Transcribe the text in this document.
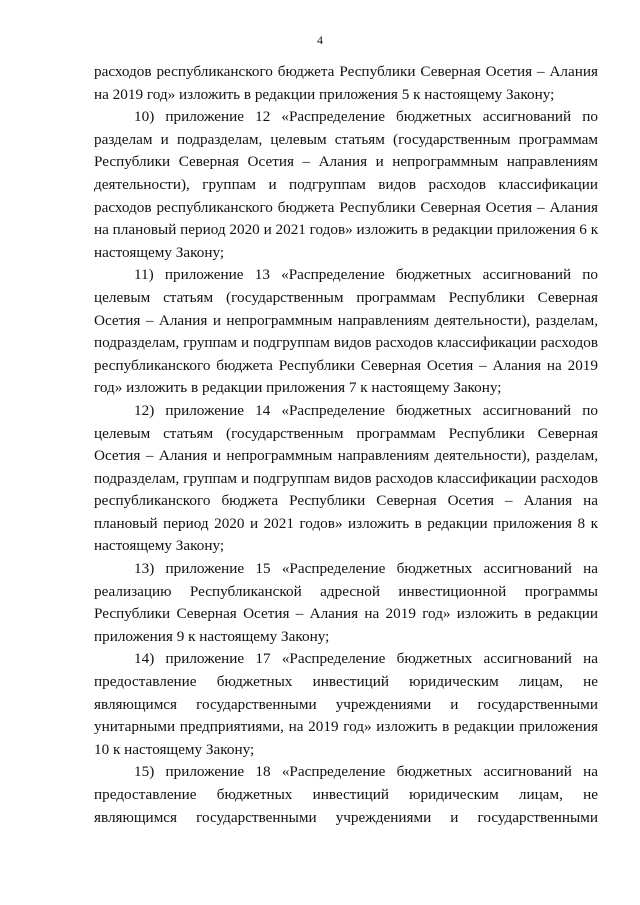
4
расходов республиканского бюджета Республики Северная Осетия – Алания
на 2019 год» изложить в редакции приложения 5 к настоящему Закону;
10) приложение 12 «Распределение бюджетных ассигнований по
разделам и подразделам, целевым статьям (государственным программам
Республики Северная Осетия – Алания и непрограммным направлениям
деятельности), группам и подгруппам видов расходов классификации
расходов республиканского бюджета Республики Северная Осетия – Алания
на плановый период 2020 и 2021 годов» изложить в редакции приложения 6 к
настоящему Закону;
11) приложение 13 «Распределение бюджетных ассигнований по
целевым статьям (государственным программам Республики Северная
Осетия – Алания и непрограммным направлениям деятельности), разделам,
подразделам, группам и подгруппам видов расходов классификации расходов
республиканского бюджета Республики Северная Осетия – Алания на 2019
год» изложить в редакции приложения 7 к настоящему Закону;
12) приложение 14 «Распределение бюджетных ассигнований по
целевым статьям (государственным программам Республики Северная
Осетия – Алания и непрограммным направлениям деятельности), разделам,
подразделам, группам и подгруппам видов расходов классификации расходов
республиканского бюджета Республики Северная Осетия – Алания на
плановый период 2020 и 2021 годов» изложить в редакции приложения 8 к
настоящему Закону;
13) приложение 15 «Распределение бюджетных ассигнований на
реализацию Республиканской адресной инвестиционной программы
Республики Северная Осетия – Алания на 2019 год» изложить в редакции
приложения 9 к настоящему Закону;
14) приложение 17 «Распределение бюджетных ассигнований на
предоставление бюджетных инвестиций юридическим лицам, не
являющимся государственными учреждениями и государственными
унитарными предприятиями, на 2019 год» изложить в редакции приложения
10 к настоящему Закону;
15) приложение 18 «Распределение бюджетных ассигнований на
предоставление бюджетных инвестиций юридическим лицам, не
являющимся государственными учреждениями и государственными
